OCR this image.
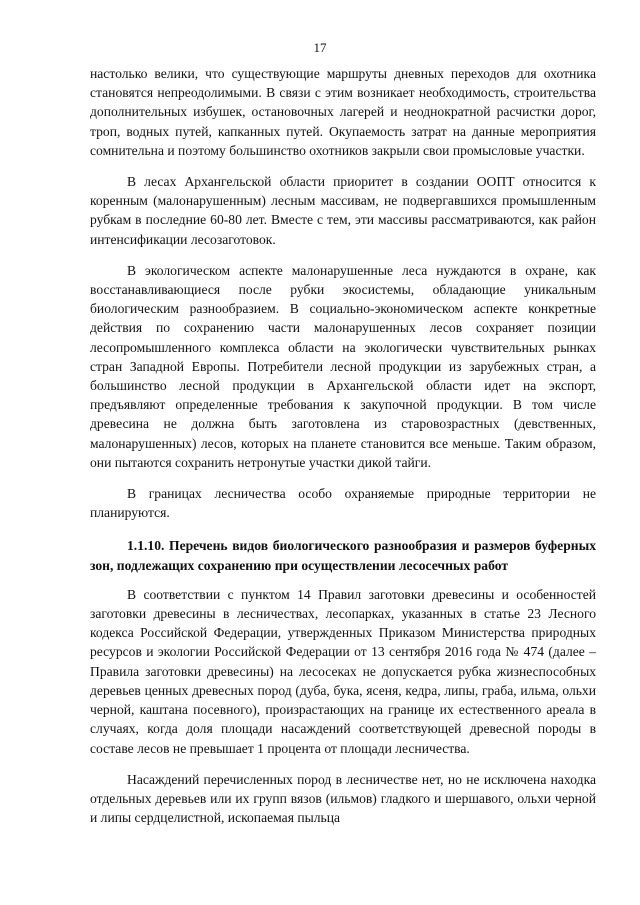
17

настолько велики, что существующие маршруты дневных переходов для охотника становятся непреодолимыми. В связи с этим возникает необходимость, строительства дополнительных избушек, остановочных лагерей и неоднократной расчистки дорог, троп, водных путей, капканных путей. Окупаемость затрат на данные мероприятия сомнительна и поэтому большинство охотников закрыли свои промысловые участки.

В лесах Архангельской области приоритет в создании ООПТ относится к коренным (малонарушенным) лесным массивам, не подвергавшихся промышленным рубкам в последние 60-80 лет. Вместе с тем, эти массивы рассматриваются, как район интенсификации лесозаготовок.

В экологическом аспекте малонарушенные леса нуждаются в охране, как восстанавливающиеся после рубки экосистемы, обладающие уникальным биологическим разнообразием. В социально-экономическом аспекте конкретные действия по сохранению части малонарушенных лесов сохраняет позиции лесопромышленного комплекса области на экологически чувствительных рынках стран Западной Европы. Потребители лесной продукции из зарубежных стран, а большинство лесной продукции в Архангельской области идет на экспорт, предъявляют определенные требования к закупочной продукции. В том числе древесина не должна быть заготовлена из старовозрастных (девственных, малонарушенных) лесов, которых на планете становится все меньше. Таким образом, они пытаются сохранить нетронутые участки дикой тайги.

В границах лесничества особо охраняемые природные территории не планируются.

1.1.10. Перечень видов биологического разнообразия и размеров буферных зон, подлежащих сохранению при осуществлении лесосечных работ

В соответствии с пунктом 14 Правил заготовки древесины и особенностей заготовки древесины в лесничествах, лесопарках, указанных в статье 23 Лесного кодекса Российской Федерации, утвержденных Приказом Министерства природных ресурсов и экологии Российской Федерации от 13 сентября 2016 года № 474 (далее – Правила заготовки древесины) на лесосеках не допускается рубка жизнеспособных деревьев ценных древесных пород (дуба, бука, ясеня, кедра, липы, граба, ильма, ольхи черной, каштана посевного), произрастающих на границе их естественного ареала в случаях, когда доля площади насаждений соответствующей древесной породы в составе лесов не превышает 1 процента от площади лесничества.

Насаждений перечисленных пород в лесничестве нет, но не исключена находка отдельных деревьев или их групп вязов (ильмов) гладкого и шершавого, ольхи черной и липы сердцелистной, ископаемая пыльца
